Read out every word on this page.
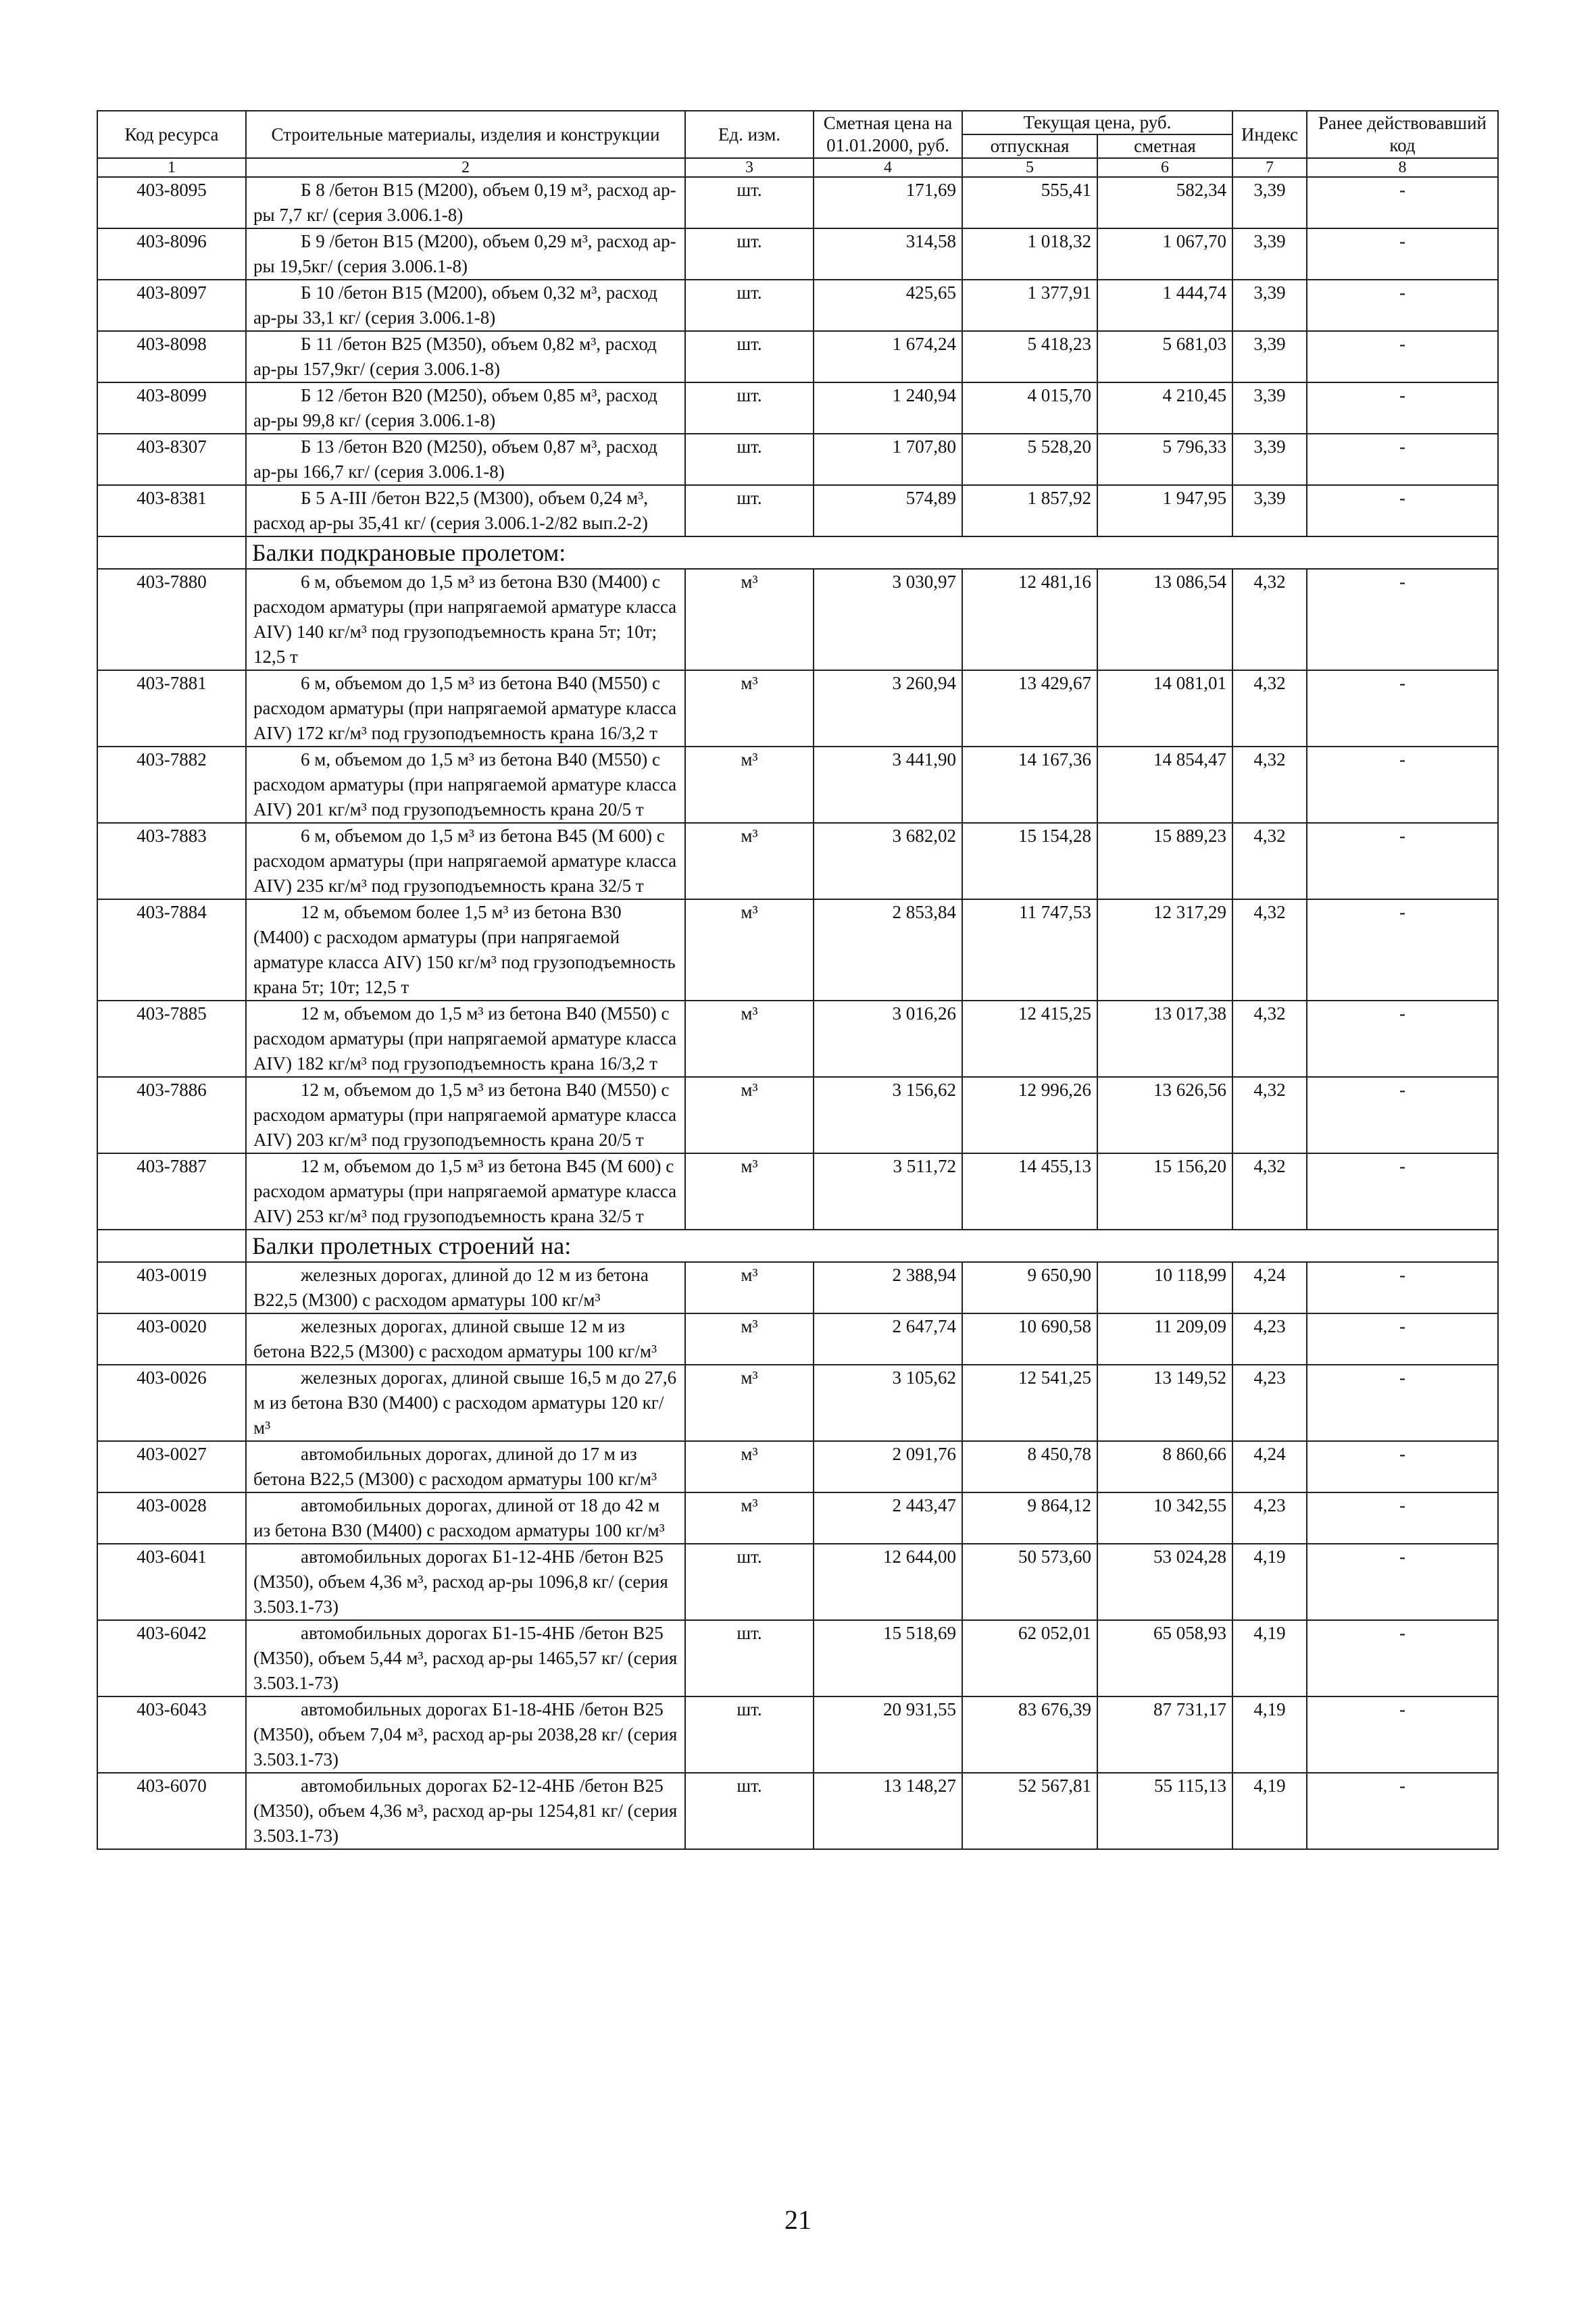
Код ресурса	Строительные материалы, изделия и конструкции	Ед. изм.	Сметная цена на 01.01.2000, руб.	Текущая цена, руб.		Индекс	Ранее действовавший код
				отпускная	сметная		
1	2	3	4	5	6	7	8
403-8095	Б 8 /бетон В15 (М200), объем 0,19 м³, расход ар-ры 7,7 кг/ (серия 3.006.1-8)	шт.	171,69	555,41	582,34	3,39	-
403-8096	Б 9 /бетон В15 (М200), объем 0,29 м³, расход ар-ры 19,5кг/ (серия 3.006.1-8)	шт.	314,58	1 018,32	1 067,70	3,39	-
403-8097	Б 10 /бетон В15 (М200), объем 0,32 м³, расход ар-ры 33,1 кг/ (серия 3.006.1-8)	шт.	425,65	1 377,91	1 444,74	3,39	-
403-8098	Б 11 /бетон В25 (М350), объем 0,82 м³, расход ар-ры 157,9кг/ (серия 3.006.1-8)	шт.	1 674,24	5 418,23	5 681,03	3,39	-
403-8099	Б 12 /бетон В20 (М250), объем 0,85 м³, расход ар-ры 99,8 кг/ (серия 3.006.1-8)	шт.	1 240,94	4 015,70	4 210,45	3,39	-
403-8307	Б 13 /бетон В20 (М250), объем 0,87 м³, расход ар-ры 166,7 кг/ (серия 3.006.1-8)	шт.	1 707,80	5 528,20	5 796,33	3,39	-
403-8381	Б 5 А-III /бетон В22,5 (М300), объем 0,24 м³, расход ар-ры 35,41 кг/ (серия 3.006.1-2/82 вып.2-2)	шт.	574,89	1 857,92	1 947,95	3,39	-
	Балки подкрановые пролетом:						
403-7880	6 м, объемом до 1,5 м³ из бетона В30 (М400) с расходом арматуры (при напрягаемой арматуре класса AIV) 140 кг/м³ под грузоподъемность крана 5т; 10т; 12,5 т	м³	3 030,97	12 481,16	13 086,54	4,32	-
403-7881	6 м, объемом до 1,5 м³ из бетона В40 (М550) с расходом арматуры (при напрягаемой арматуре класса AIV) 172 кг/м³ под грузоподъемность крана 16/3,2 т	м³	3 260,94	13 429,67	14 081,01	4,32	-
403-7882	6 м, объемом до 1,5 м³ из бетона В40 (М550) с расходом арматуры (при напрягаемой арматуре класса AIV) 201 кг/м³ под грузоподъемность крана 20/5 т	м³	3 441,90	14 167,36	14 854,47	4,32	-
403-7883	6 м, объемом до 1,5 м³ из бетона В45 (М 600) с расходом арматуры (при напрягаемой арматуре класса AIV) 235 кг/м³ под грузоподъемность крана 32/5 т	м³	3 682,02	15 154,28	15 889,23	4,32	-
403-7884	12 м, объемом более 1,5 м³ из бетона В30 (М400) с расходом арматуры (при напрягаемой арматуре класса AIV) 150 кг/м³ под грузоподъемность крана 5т; 10т; 12,5 т	м³	2 853,84	11 747,53	12 317,29	4,32	-
403-7885	12 м, объемом до 1,5 м³ из бетона В40 (М550) с расходом арматуры (при напрягаемой арматуре класса AIV) 182 кг/м³ под грузоподъемность крана 16/3,2 т	м³	3 016,26	12 415,25	13 017,38	4,32	-
403-7886	12 м, объемом до 1,5 м³ из бетона В40 (М550) с расходом арматуры (при напрягаемой арматуре класса AIV) 203 кг/м³ под грузоподъемность крана 20/5 т	м³	3 156,62	12 996,26	13 626,56	4,32	-
403-7887	12 м, объемом до 1,5 м³ из бетона В45 (М 600) с расходом арматуры (при напрягаемой арматуре класса AIV) 253 кг/м³ под грузоподъемность крана 32/5 т	м³	3 511,72	14 455,13	15 156,20	4,32	-
	Балки пролетных строений на:						
403-0019	железных дорогах, длиной до 12 м из бетона В22,5 (М300) с расходом арматуры 100 кг/м³	м³	2 388,94	9 650,90	10 118,99	4,24	-
403-0020	железных дорогах, длиной свыше 12 м из бетона В22,5 (М300) с расходом арматуры 100 кг/м³	м³	2 647,74	10 690,58	11 209,09	4,23	-
403-0026	железных дорогах, длиной свыше 16,5 м до 27,6 м из бетона В30 (М400) с расходом арматуры 120 кг/м³	м³	3 105,62	12 541,25	13 149,52	4,23	-
403-0027	автомобильных дорогах, длиной до 17 м из бетона В22,5 (М300) с расходом арматуры 100 кг/м³	м³	2 091,76	8 450,78	8 860,66	4,24	-
403-0028	автомобильных дорогах, длиной от 18 до 42 м из бетона В30 (М400) с расходом арматуры 100 кг/м³	м³	2 443,47	9 864,12	10 342,55	4,23	-
403-6041	автомобильных дорогах Б1-12-4НБ /бетон В25 (М350), объем 4,36 м³, расход ар-ры 1096,8 кг/ (серия 3.503.1-73)	шт.	12 644,00	50 573,60	53 024,28	4,19	-
403-6042	автомобильных дорогах Б1-15-4НБ /бетон В25 (М350), объем 5,44 м³, расход ар-ры 1465,57 кг/ (серия 3.503.1-73)	шт.	15 518,69	62 052,01	65 058,93	4,19	-
403-6043	автомобильных дорогах Б1-18-4НБ /бетон В25 (М350), объем 7,04 м³, расход ар-ры 2038,28 кг/ (серия 3.503.1-73)	шт.	20 931,55	83 676,39	87 731,17	4,19	-
403-6070	автомобильных дорогах Б2-12-4НБ /бетон В25 (М350), объем 4,36 м³, расход ар-ры 1254,81 кг/ (серия 3.503.1-73)	шт.	13 148,27	52 567,81	55 115,13	4,19	-
21
